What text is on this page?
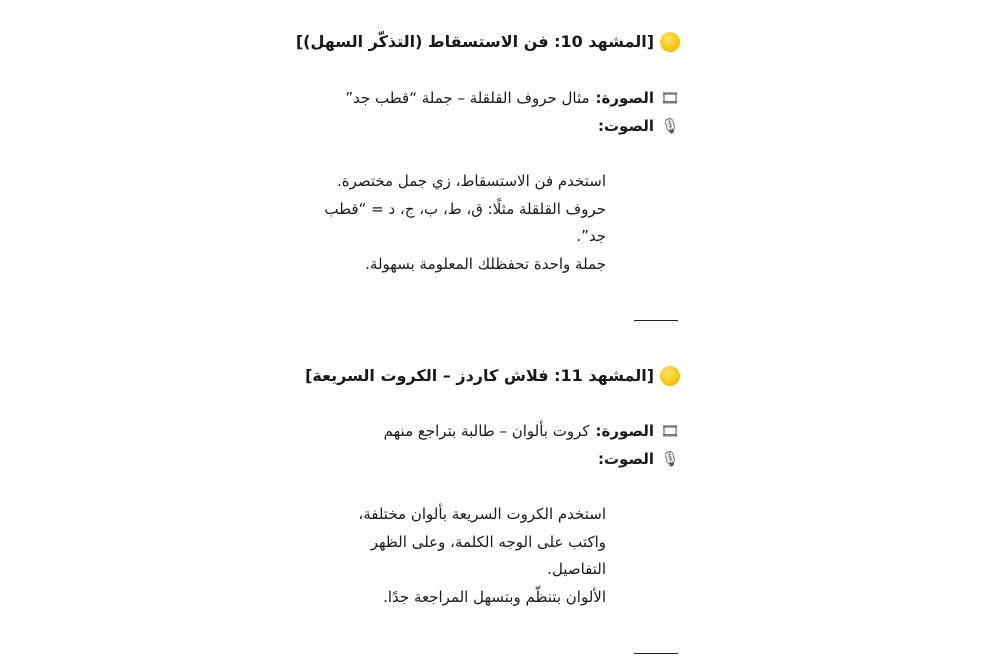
[المشهد 10: فن الاستسقاط (التذكّر السهل)]
🎞
الصورة:
مثال حروف القلقلة – جملة “قطب جد”
🎙
الصوت:

استخدم فن الاستسقاط، زي جمل مختصرة.

حروف القلقلة مثلًا: ق، ط، ب، ج، د = “قطب جد”.

جملة واحدة تحفظلك المعلومة بسهولة.

[المشهد 11: فلاش كاردز – الكروت السريعة]
🎞
الصورة:
كروت بألوان – طالبة بتراجع منهم
🎙
الصوت:

استخدم الكروت السريعة بألوان مختلفة،

واكتب على الوجه الكلمة، وعلى الظهر التفاصيل.

الألوان بتنظّم وبتسهل المراجعة جدًا.
